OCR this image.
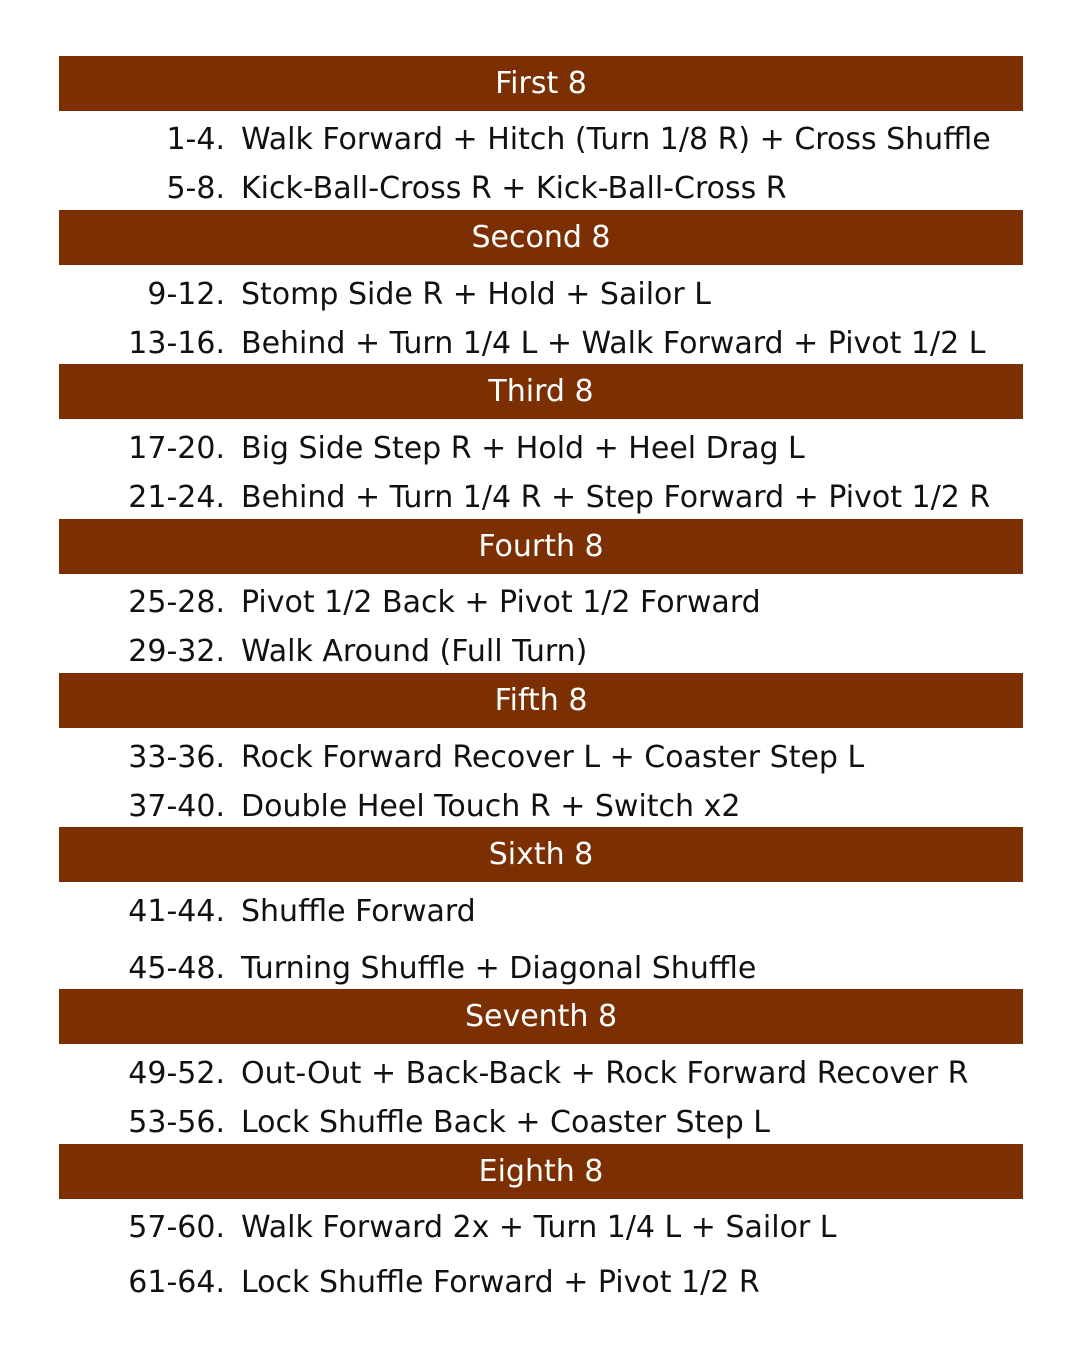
First 8
1-4. Walk Forward + Hitch (Turn 1/8 R) + Cross Shuffle
5-8. Kick-Ball-Cross R + Kick-Ball-Cross R
Second 8
9-12. Stomp Side R + Hold + Sailor L
13-16. Behind + Turn 1/4 L + Walk Forward + Pivot 1/2 L
Third 8
17-20. Big Side Step R + Hold + Heel Drag L
21-24. Behind + Turn 1/4 R + Step Forward + Pivot 1/2 R
Fourth 8
25-28. Pivot 1/2 Back + Pivot 1/2 Forward
29-32. Walk Around (Full Turn)
Fifth 8
33-36. Rock Forward Recover L + Coaster Step L
37-40. Double Heel Touch R + Switch x2
Sixth 8
41-44. Shuffle Forward
45-48. Turning Shuffle + Diagonal Shuffle
Seventh 8
49-52. Out-Out + Back-Back + Rock Forward Recover R
53-56. Lock Shuffle Back + Coaster Step L
Eighth 8
57-60. Walk Forward 2x + Turn 1/4 L + Sailor L
61-64. Lock Shuffle Forward + Pivot 1/2 R
